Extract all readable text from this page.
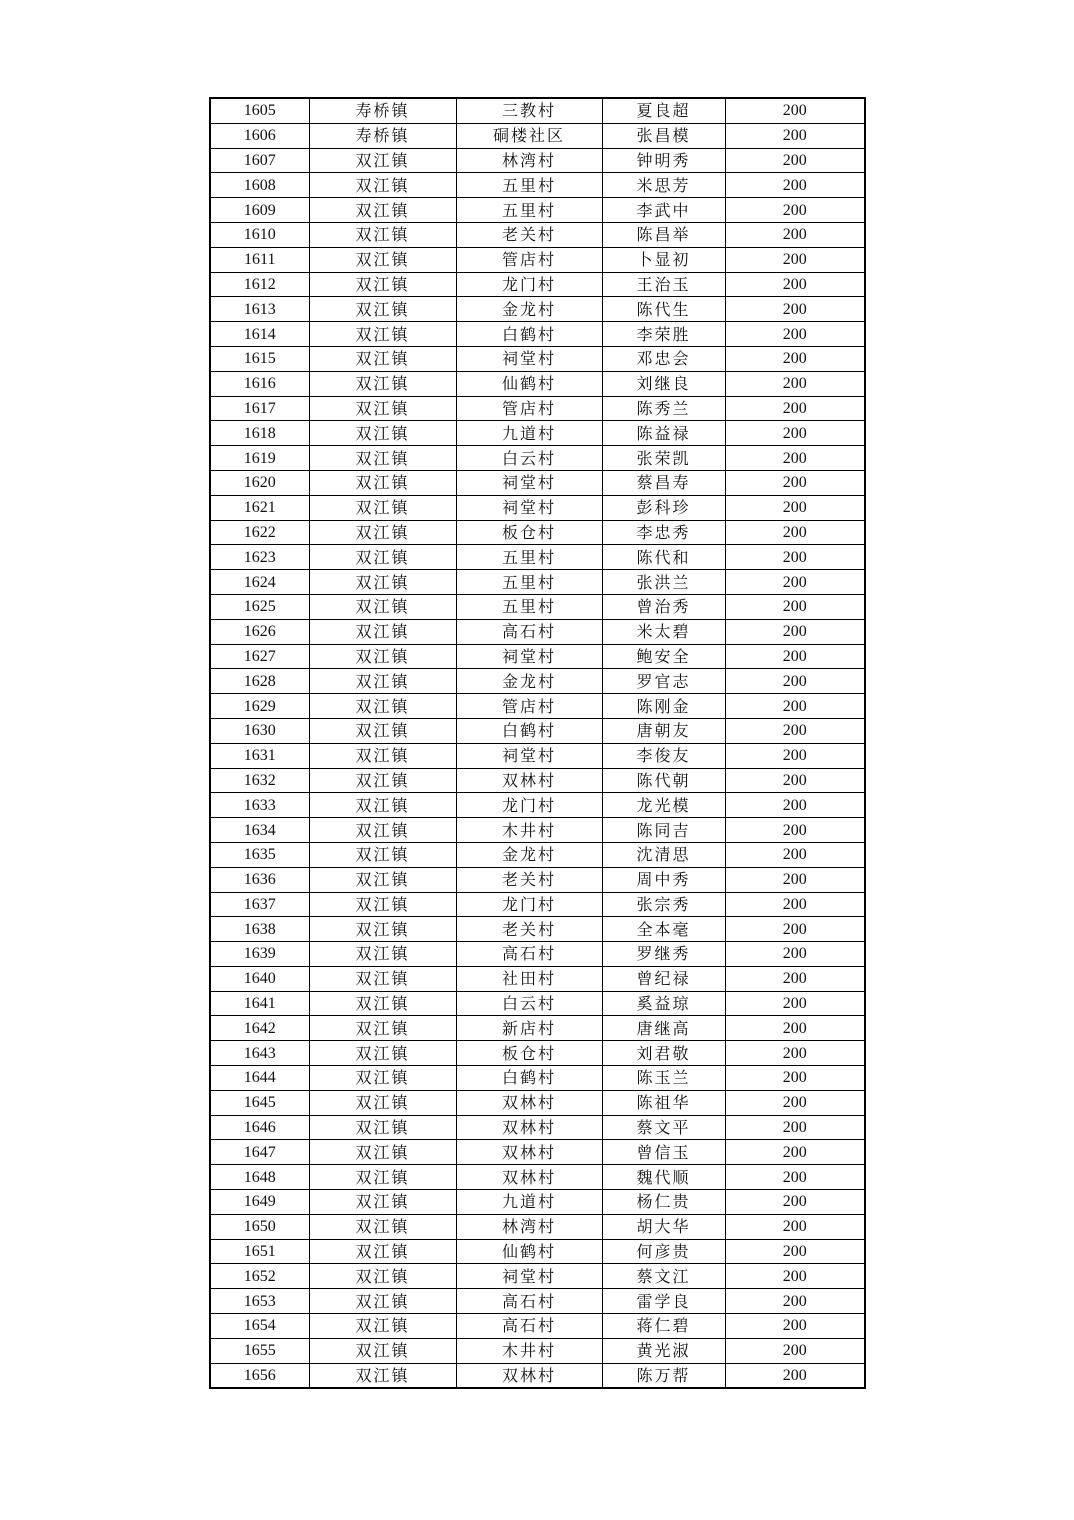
1605	寿桥镇	三教村	夏良超	200
1606	寿桥镇	硐楼社区	张昌模	200
1607	双江镇	林湾村	钟明秀	200
1608	双江镇	五里村	米思芳	200
1609	双江镇	五里村	李武中	200
1610	双江镇	老关村	陈昌举	200
1611	双江镇	管店村	卜显初	200
1612	双江镇	龙门村	王治玉	200
1613	双江镇	金龙村	陈代生	200
1614	双江镇	白鹤村	李荣胜	200
1615	双江镇	祠堂村	邓忠会	200
1616	双江镇	仙鹤村	刘继良	200
1617	双江镇	管店村	陈秀兰	200
1618	双江镇	九道村	陈益禄	200
1619	双江镇	白云村	张荣凯	200
1620	双江镇	祠堂村	蔡昌寿	200
1621	双江镇	祠堂村	彭科珍	200
1622	双江镇	板仓村	李忠秀	200
1623	双江镇	五里村	陈代和	200
1624	双江镇	五里村	张洪兰	200
1625	双江镇	五里村	曾治秀	200
1626	双江镇	高石村	米太碧	200
1627	双江镇	祠堂村	鲍安全	200
1628	双江镇	金龙村	罗官志	200
1629	双江镇	管店村	陈刚金	200
1630	双江镇	白鹤村	唐朝友	200
1631	双江镇	祠堂村	李俊友	200
1632	双江镇	双林村	陈代朝	200
1633	双江镇	龙门村	龙光模	200
1634	双江镇	木井村	陈同吉	200
1635	双江镇	金龙村	沈清思	200
1636	双江镇	老关村	周中秀	200
1637	双江镇	龙门村	张宗秀	200
1638	双江镇	老关村	全本毫	200
1639	双江镇	高石村	罗继秀	200
1640	双江镇	社田村	曾纪禄	200
1641	双江镇	白云村	奚益琼	200
1642	双江镇	新店村	唐继高	200
1643	双江镇	板仓村	刘君敬	200
1644	双江镇	白鹤村	陈玉兰	200
1645	双江镇	双林村	陈祖华	200
1646	双江镇	双林村	蔡文平	200
1647	双江镇	双林村	曾信玉	200
1648	双江镇	双林村	魏代顺	200
1649	双江镇	九道村	杨仁贵	200
1650	双江镇	林湾村	胡大华	200
1651	双江镇	仙鹤村	何彦贵	200
1652	双江镇	祠堂村	蔡文江	200
1653	双江镇	高石村	雷学良	200
1654	双江镇	高石村	蒋仁碧	200
1655	双江镇	木井村	黄光淑	200
1656	双江镇	双林村	陈万帮	200
